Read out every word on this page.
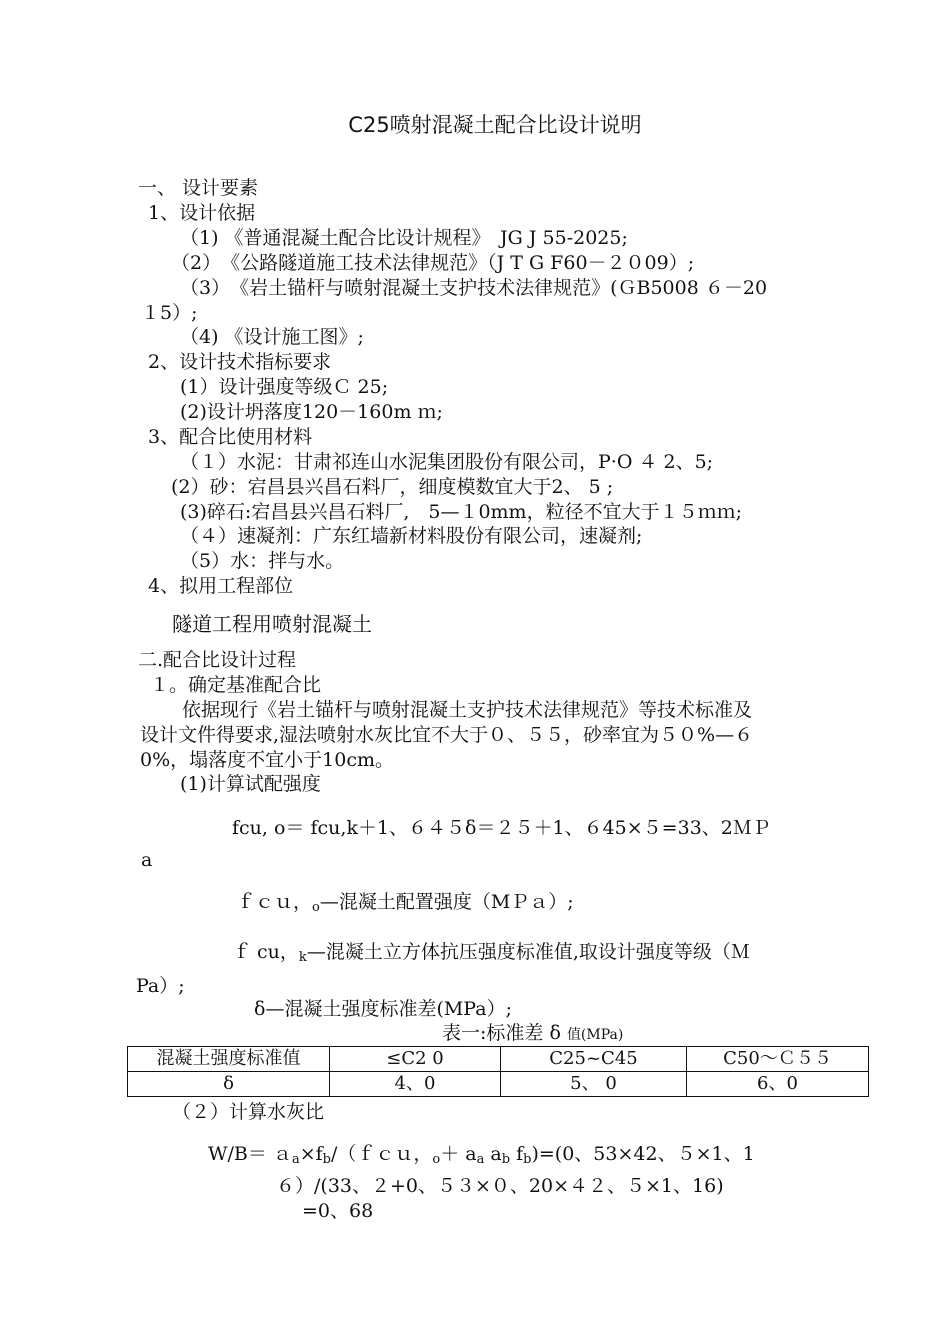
C25喷射混凝土配合比设计说明
一、 设计要素
1、设计依据
（1) 《普通混凝土配合比设计规程》　JG J 55-2025;
（2）　《公路隧道施工技术法律规范》（J T G F60－２０09）;
（3）　《岩土锚杆与喷射混凝土支护技术法律规范》(ＧB5008 ６－20
１5）;
（4) 《设计施工图》;
2、设计技术指标要求
(1）设计强度等级Ｃ 25;
(2)设计坍落度120－160m ｍ;
3、配合比使用材料
（１）水泥：甘肃祁连山水泥集团股份有限公司，P·O ４ 2、5;
(2）砂：宕昌县兴昌石料厂，细度模数宜大于2、 5 ;
(3)碎石:宕昌县兴昌石料厂,　5—１0mm，粒径不宜大于１５ｍｍ;
（４）速凝剂：广东红墙新材料股份有限公司，速凝剂;
（5）水：拌与水。
4、拟用工程部位
隧道工程用喷射混凝土
二.配合比设计过程
１。确定基准配合比
依据现行《岩土锚杆与喷射混凝土支护技术法律规范》等技术标准及
设计文件得要求,湿法喷射水灰比宜不大于０、５５，砂率宜为５０%—６
0%，塌落度不宜小于10cm。
(1)计算试配强度
fcu, o＝ fcu,k＋1、６４５δ＝２５＋1、６45×５=33、2ＭＰ
a
ｆｃｕ，$_o$—混凝土配置强度（MＰａ）;
ｆ cu，$_k$—混凝土立方体抗压强度标准值,取设计强度等级（Ｍ
Pa）;
δ—混凝土强度标准差(MPa）;
表一:标准差 δ 值(MPa)
混凝土强度标准值	≤C2 0	C25~C45	C50～Ｃ５５
δ	4、0	5、 0	6、0
（２）计算水灰比
$W/B= a_a\times f_b/(fcu$，$_o+ a_a$ $a_b$ $f_b)=(0$、53×42、５×1、1
６）/(33、２+0、５３×０、20×４２、５×1、16)
=0、68
